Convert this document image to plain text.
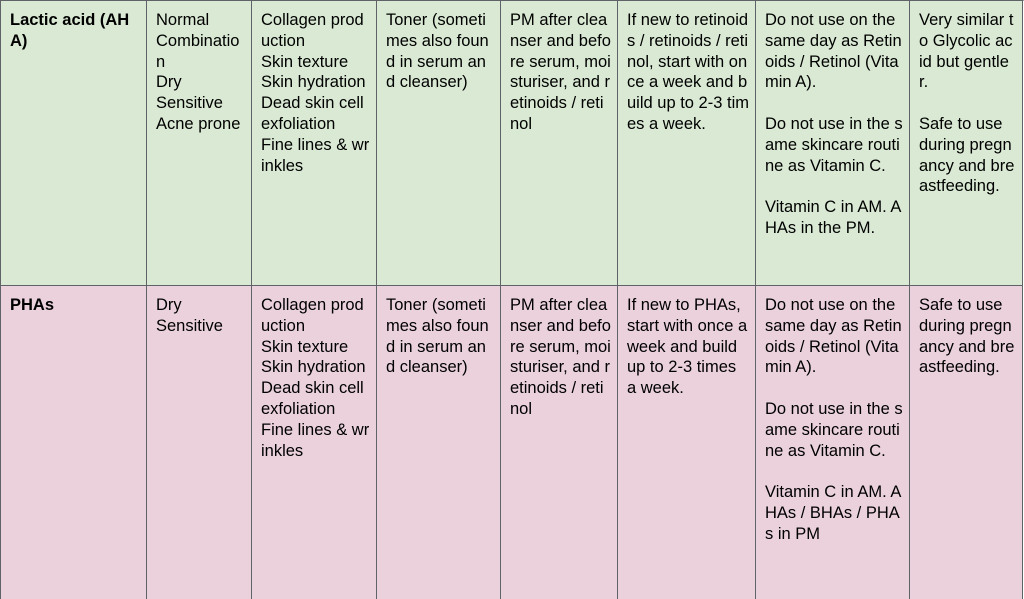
Lactic acid (AHA)	Normal
Combination
Dry
Sensitive
Acne prone	Collagen production
Skin texture
Skin hydration
Dead skin cell exfoliation
Fine lines & wrinkles	Toner (sometimes also found in serum and cleanser)	PM after cleanser and before serum, moisturiser, and retinoids / retinol	If new to retinoids / retinoids / retinol, start with once a week and build up to 2-3 times a week.	Do not use on the same day as Retinoids / Retinol (Vitamin A).
Do not use in the same skincare routine as Vitamin C.
Vitamin C in AM. AHAs in the PM.	Very similar to Glycolic acid but gentler.
Safe to use during pregnancy and breastfeeding.

PHAs	Dry
Sensitive	Collagen production
Skin texture
Skin hydration
Dead skin cell exfoliation
Fine lines & wrinkles	Toner (sometimes also found in serum and cleanser)	PM after cleanser and before serum, moisturiser, and retinoids / retinol	If new to PHAs, start with once a week and build up to 2-3 times a week.	Do not use on the same day as Retinoids / Retinol (Vitamin A).
Do not use in the same skincare routine as Vitamin C.
Vitamin C in AM. AHAs / BHAs / PHAs in PM	Safe to use during pregnancy and breastfeeding.
